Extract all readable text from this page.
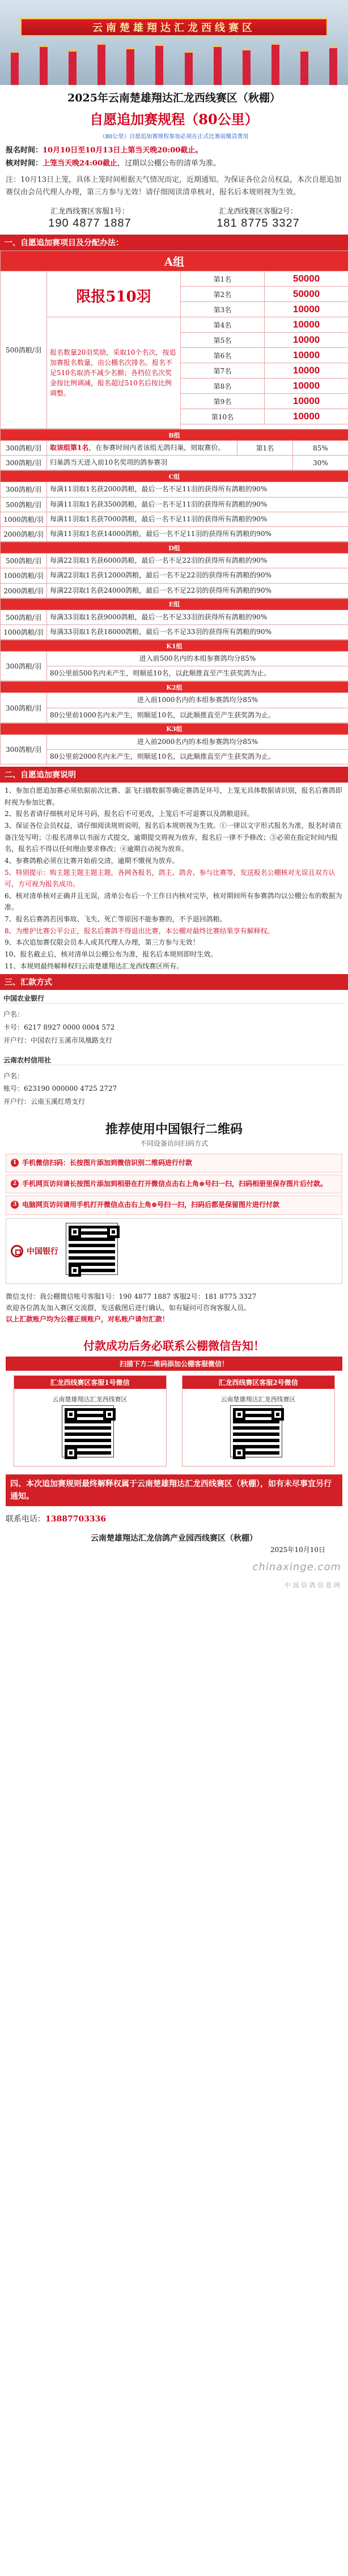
云南楚雄翔达汇龙西线赛区
2025年云南楚雄翔达汇龙西线赛区（秋棚）
自愿追加赛规程（80公里）
（80公里）自愿追加赛规程参加必须在正式比赛前缴清费用
报名时间：10月10日至10月13日上第当天晚20:00截止。
核对时间：上笼当天晚24:00截止，过期以公棚公布的清单为准。
注：10月13日上笼，具体上笼时间根据天气情况而定，近期通知。为保证各位会员权益，本次自愿追加赛仅由会员代理人办理，第三方参与无效！请仔细阅读清单核对，报名后本规则视为生效。
汇龙西线赛区客服1号：	汇龙西线赛区客服2号：
190 4877 1887	181 8775 3327
一、自愿追加赛项目及分配办法：
A组			
500鸽粮/羽	限报510羽	第1名	50000
		第2名	50000
		第3名	10000
	报名数量20羽奖励，采取10个名次，按追加赛报名数量，由公棚名次排名。报名不足510名取消不减少名额；各档位名次奖金按比例调减，报名超过510名后按比例调整。	第4名	10000
		第5名	10000
		第6名	10000
		第7名	10000
		第8名	10000
		第9名	10000
		第10名	10000

B组			
300鸽粮/羽	取该组第1名，在参赛时间内者该组无鸽归巢，则取赛价。	第1名	85%
300鸽粮/羽	归巢鸽当天进入前10名奖项的鸽参赛羽		30%
C组	
300鸽粮/羽	每满11羽取1名获2000鸽粮，最后一名不足11羽的获得所有鸽粮的90%
500鸽粮/羽	每满11羽取1名获3500鸽粮，最后一名不足11羽的获得所有鸽粮的90%
1000鸽粮/羽	每满11羽取1名获7000鸽粮，最后一名不足11羽的获得所有鸽粮的90%
2000鸽粮/羽	每满11羽取1名获14000鸽粮，最后一名不足11羽的获得所有鸽粮的90%
D组	
500鸽粮/羽	每满22羽取1名获6000鸽粮，最后一名不足22羽的获得所有鸽粮的90%
1000鸽粮/羽	每满22羽取1名获12000鸽粮，最后一名不足22羽的获得所有鸽粮的90%
2000鸽粮/羽	每满22羽取1名获24000鸽粮，最后一名不足22羽的获得所有鸽粮的90%
E组	
500鸽粮/羽	每满33羽取1名获9000鸽粮，最后一名不足33羽的获得所有鸽粮的90%
1000鸽粮/羽	每满33羽取1名获18000鸽粮，最后一名不足33羽的获得所有鸽粮的90%
K1组
300鸽粮/羽	进入前500名内的本组参赛鸽均分85%
80公里前500名内未产生，则顺延10名，以此顺推直至产生获奖鸽为止。
K2组
300鸽粮/羽	进入前1000名内的本组参赛鸽均分85%
80公里前1000名内未产生，则顺延10名，以此顺推直至产生获奖鸽为止。
K3组
300鸽粮/羽	进入前2000名内的本组参赛鸽均分85%
80公里前2000名内未产生，则顺延10名，以此顺推直至产生获奖鸽为止。
二、自愿追加赛说明

1、参加自愿追加赛必须依据前次比赛、蛋飞扫描数据等确定赛鸽足环号，上笼无具体数据请识别，报名后赛鸽即时视为参加比赛。

2、报名者请仔细核对足环号码，报名后不可更改，上笼后不可退赛以及鸽粮退回。

3、保证各位会员权益，请仔细阅读规则说明，报名后本规则视为生效。①一律以文字形式报名为准，报名时请在备注处写明；②报名清单以书面方式提交，逾期提交将视为放弃，报名后一律不予修改；③必须在指定时间内报名，报名后不得以任何理由要求修改；④逾期自动视为放弃。

4、参赛鸽粮必须在比赛开始前交清，逾期不缴视为放弃。

5、特别提示：购主题主题主题主题，各网各报名，鸽主、鸽舍、参与比赛等，发送报名公棚核对无误且双方认可，方可视为报名成功。

6、核对清单核对正确并且无误，清单公布后一个工作日内核对完毕，核对期间所有参赛鸽均以公棚公布的数据为准。

7、报名后赛鸽若因事故、飞失、死亡等原因不能参赛的，不予退回鸽粮。

8、为维护比赛公平公正，报名后赛鸽不得退出比赛，本公棚对最终比赛结果享有解释权。

9、本次追加赛仅限会员本人或其代理人办理，第三方参与无效！

10、报名截止后，核对清单以公棚公布为准，报名后本规则即时生效。

11、本规则最终解释权归云南楚雄翔达汇龙西线赛区所有。

三、汇款方式
中国农业银行
户名：
卡号：6217 8927 0000 0004 572
开户行：中国农行玉溪市凤凰路支行
云南农村信用社
户名：
账号：623190 000000 4725 2727
开户行：云南玉溪红塔支行
推荐使用中国银行二维码
不同设备访问扫码方式
1 手机微信扫码：长按图片添加到微信识别二维码进行付款
2 手机网页访问请长按图片添加到相册在打开微信点击右上角⊕号扫一扫，扫码相册里保存图片后付款。
3 电脑网页访问请用手机打开微信点击右上角⊕号扫一扫，扫码后都是保留图片进行付款
中国银行
微信支付：我公棚微信账号客服1号：190 4877 1887 客服2号：181 8775 3327
欢迎各位鸽友加入赛区交流群，发送截图后进行确认，如有疑问可咨询客服人员。
以上汇款账户均为公棚正规账户，对私账户请勿汇款！
付款成功后务必联系公棚微信告知！
扫描下方二维码添加公棚客服微信！
汇龙西线赛区客服1号微信
云南楚雄翔达汇龙西线赛区
汇龙西线赛区客服2号微信
云南楚雄翔达汇龙西线赛区
四、本次追加赛规则最终解释权属于云南楚雄翔达汇龙西线赛区（秋棚），如有未尽事宜另行通知。
联系电话：13887703336
云南楚雄翔达汇龙信鸽产业园西线赛区（秋棚）
2025年10月10日
chinaxinge.com
中 国 信 鸽 信 息 网
